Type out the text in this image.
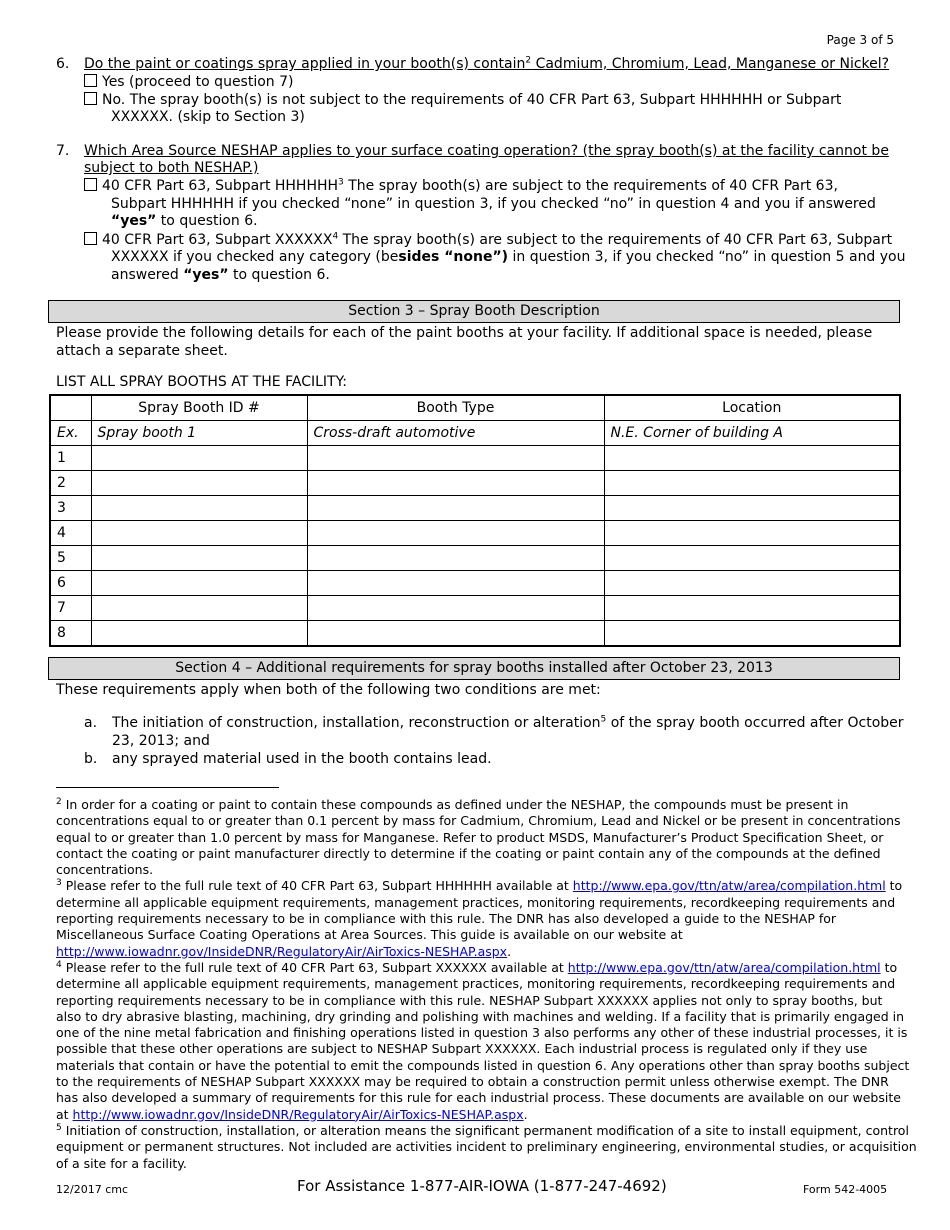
Page 3 of 5
6. Do the paint or coatings spray applied in your booth(s) contain$^2$ Cadmium, Chromium, Lead, Manganese or Nickel?
Yes (proceed to question 7)
No. The spray booth(s) is not subject to the requirements of 40 CFR Part 63, Subpart HHHHHH or Subpart
XXXXXX. (skip to Section 3)
7. Which Area Source NESHAP applies to your surface coating operation? (the spray booth(s) at the facility cannot be
subject to both NESHAP.)
40 CFR Part 63, Subpart HHHHHH$^3$ The spray booth(s) are subject to the requirements of 40 CFR Part 63,
Subpart HHHHHH if you checked “none” in question 3, if you checked “no” in question 4 and you if answered
“yes” to question 6.
40 CFR Part 63, Subpart XXXXXX$^4$ The spray booth(s) are subject to the requirements of 40 CFR Part 63, Subpart
XXXXXX if you checked any category (besides “none”) in question 3, if you checked “no” in question 5 and you
answered “yes” to question 6.
Section 3 – Spray Booth Description
Please provide the following details for each of the paint booths at your facility. If additional space is needed, please
attach a separate sheet.
LIST ALL SPRAY BOOTHS AT THE FACILITY:
	Spray Booth ID #	Booth Type	Location
Ex.	Spray booth 1	Cross-draft automotive	N.E. Corner of building A
1			
2			
3			
4			
5			
6			
7			
8			
Section 4 – Additional requirements for spray booths installed after October 23, 2013
These requirements apply when both of the following two conditions are met:
a. The initiation of construction, installation, reconstruction or alteration$^5$ of the spray booth occurred after October
23, 2013; and
b. any sprayed material used in the booth contains lead.
$^2$ In order for a coating or paint to contain these compounds as defined under the NESHAP, the compounds must be present in
concentrations equal to or greater than 0.1 percent by mass for Cadmium, Chromium, Lead and Nickel or be present in concentrations
equal to or greater than 1.0 percent by mass for Manganese. Refer to product MSDS, Manufacturer’s Product Specification Sheet, or
contact the coating or paint manufacturer directly to determine if the coating or paint contain any of the compounds at the defined
concentrations.
$^3$ Please refer to the full rule text of 40 CFR Part 63, Subpart HHHHHH available at http://www.epa.gov/ttn/atw/area/compilation.html to
determine all applicable equipment requirements, management practices, monitoring requirements, recordkeeping requirements and
reporting requirements necessary to be in compliance with this rule. The DNR has also developed a guide to the NESHAP for
Miscellaneous Surface Coating Operations at Area Sources. This guide is available on our website at
http://www.iowadnr.gov/InsideDNR/RegulatoryAir/AirToxics-NESHAP.aspx.
$^4$ Please refer to the full rule text of 40 CFR Part 63, Subpart XXXXXX available at http://www.epa.gov/ttn/atw/area/compilation.html to
determine all applicable equipment requirements, management practices, monitoring requirements, recordkeeping requirements and
reporting requirements necessary to be in compliance with this rule. NESHAP Subpart XXXXXX applies not only to spray booths, but
also to dry abrasive blasting, machining, dry grinding and polishing with machines and welding. If a facility that is primarily engaged in
one of the nine metal fabrication and finishing operations listed in question 3 also performs any other of these industrial processes, it is
possible that these other operations are subject to NESHAP Subpart XXXXXX. Each industrial process is regulated only if they use
materials that contain or have the potential to emit the compounds listed in question 6. Any operations other than spray booths subject
to the requirements of NESHAP Subpart XXXXXX may be required to obtain a construction permit unless otherwise exempt. The DNR
has also developed a summary of requirements for this rule for each industrial process. These documents are available on our website
at http://www.iowadnr.gov/InsideDNR/RegulatoryAir/AirToxics-NESHAP.aspx.
$^5$ Initiation of construction, installation, or alteration means the significant permanent modification of a site to install equipment, control
equipment or permanent structures. Not included are activities incident to preliminary engineering, environmental studies, or acquisition
of a site for a facility.
12/2017 cmc	For Assistance 1-877-AIR-IOWA (1-877-247-4692)	Form 542-4005
